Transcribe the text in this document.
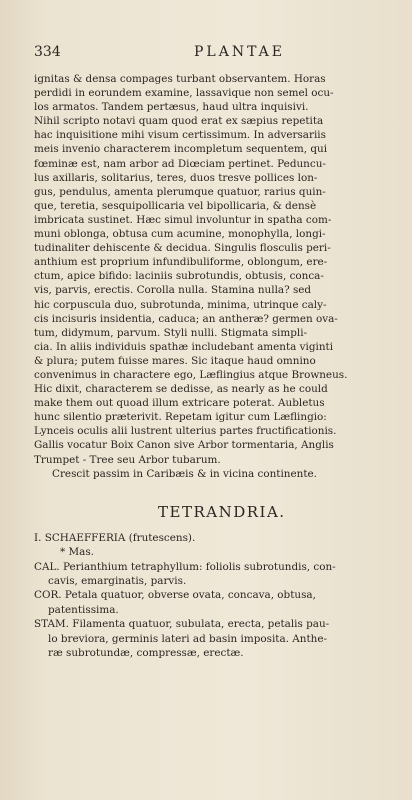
334	PLANTAE

ignitas & densa compages turbant observantem. Horas

perdidi in eorundem examine, lassavique non semel ocu-

los armatos. Tandem pertæsus, haud ultra inquisivi.

Nihil scripto notavi quam quod erat ex sæpius repetita

hac inquisitione mihi visum certissimum. In adversariis

meis invenio characterem incompletum sequentem, qui

fœminæ est, nam arbor ad Diœciam pertinet. Peduncu-

lus axillaris, solitarius, teres, duos tresve pollices lon-

gus, pendulus, amenta plerumque quatuor, rarius quin-

que, teretia, sesquipollicaria vel bipollicaria, & densè

imbricata sustinet. Hæc simul involuntur in spatha com-

muni oblonga, obtusa cum acumine, monophylla, longi-

tudinaliter dehiscente & decidua. Singulis flosculis peri-

anthium est proprium infundibuliforme, oblongum, ere-

ctum, apice bifido: laciniis subrotundis, obtusis, conca-

vis, parvis, erectis. Corolla nulla. Stamina nulla? sed

hic corpuscula duo, subrotunda, minima, utrinque caly-

cis incisuris insidentia, caduca; an antheræ? germen ova-

tum, didymum, parvum. Styli nulli. Stigmata simpli-

cia. In aliis individuis spathæ includebant amenta viginti

& plura; putem fuisse mares. Sic itaque haud omnino

convenimus in charactere ego, Læflingius atque Browneus.

Hic dixit, characterem se dedisse, as nearly as he could

make them out quoad illum extricare poterat. Aubletus

hunc silentio præterivit. Repetam igitur cum Læflingio:

Lynceis oculis alii lustrent ulterius partes fructificationis.

Gallis vocatur Boix Canon sive Arbor tormentaria, Anglis

Trumpet - Tree seu Arbor tubarum.

Crescit passim in Caribæis & in vicina continente.

TETRANDRIA.

I. SCHAEFFERIA (frutescens).

* Mas.

CAL. Perianthium tetraphyllum: foliolis subrotundis, con-

cavis, emarginatis, parvis.

COR. Petala quatuor, obverse ovata, concava, obtusa,

patentissima.

STAM. Filamenta quatuor, subulata, erecta, petalis pau-

lo breviora, germinis lateri ad basin imposita. Anthe-

ræ subrotundæ, compressæ, erectæ.
